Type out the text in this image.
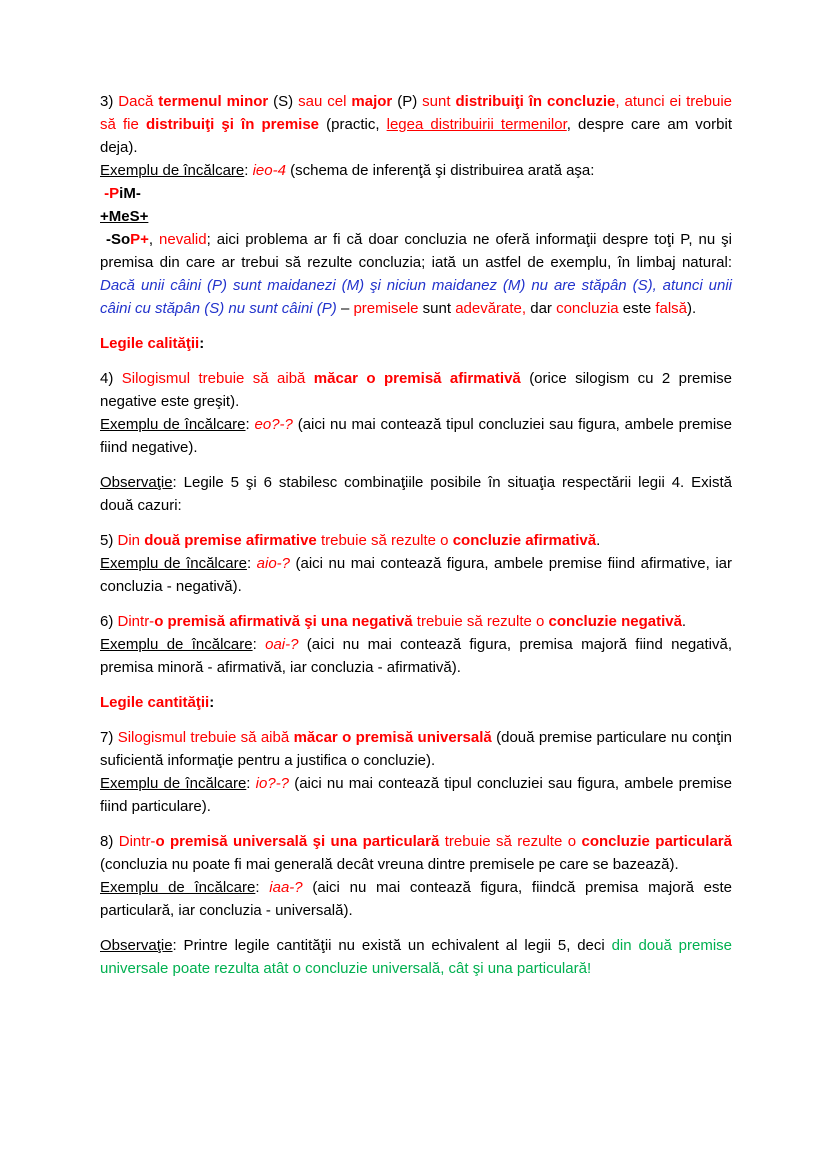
3) Dacă termenul minor (S) sau cel major (P) sunt distribuiţi în concluzie, atunci ei trebuie să fie distribuiţi şi în premise (practic, legea distribuirii termenilor, despre care am vorbit deja).

Exemplu de încălcare: ieo-4 (schema de inferenţă şi distribuirea arată aşa:

-PiM-

+MeS+

-SoP+, nevalid; aici problema ar fi că doar concluzia ne oferă informaţii despre toţi P, nu şi premisa din care ar trebui să rezulte concluzia; iată un astfel de exemplu, în limbaj natural: Dacă unii câini (P) sunt maidanezi (M) şi niciun maidanez (M) nu are stăpân (S), atunci unii câini cu stăpân (S) nu sunt câini (P) – premisele sunt adevărate, dar concluzia este falsă).

Legile calităţii:

4) Silogismul trebuie să aibă măcar o premisă afirmativă (orice silogism cu 2 premise negative este greşit).

Exemplu de încălcare: eo?-? (aici nu mai contează tipul concluziei sau figura, ambele premise fiind negative).

Observaţie: Legile 5 şi 6 stabilesc combinaţiile posibile în situaţia respectării legii 4. Există două cazuri:

5) Din două premise afirmative trebuie să rezulte o concluzie afirmativă.

Exemplu de încălcare: aio-? (aici nu mai contează figura, ambele premise fiind afirmative, iar concluzia - negativă).

6) Dintr-o premisă afirmativă şi una negativă trebuie să rezulte o concluzie negativă.

Exemplu de încălcare: oai-? (aici nu mai contează figura, premisa majoră fiind negativă, premisa minoră - afirmativă, iar concluzia - afirmativă).

Legile cantităţii:

7) Silogismul trebuie să aibă măcar o premisă universală (două premise particulare nu conţin suficientă informaţie pentru a justifica o concluzie).

Exemplu de încălcare: io?-? (aici nu mai contează tipul concluziei sau figura, ambele premise fiind particulare).

8) Dintr-o premisă universală şi una particulară trebuie să rezulte o concluzie particulară (concluzia nu poate fi mai generală decât vreuna dintre premisele pe care se bazează).

Exemplu de încălcare: iaa-? (aici nu mai contează figura, fiindcă premisa majoră este particulară, iar concluzia - universală).

Observaţie: Printre legile cantităţii nu există un echivalent al legii 5, deci din două premise universale poate rezulta atât o concluzie universală, cât şi una particulară!
